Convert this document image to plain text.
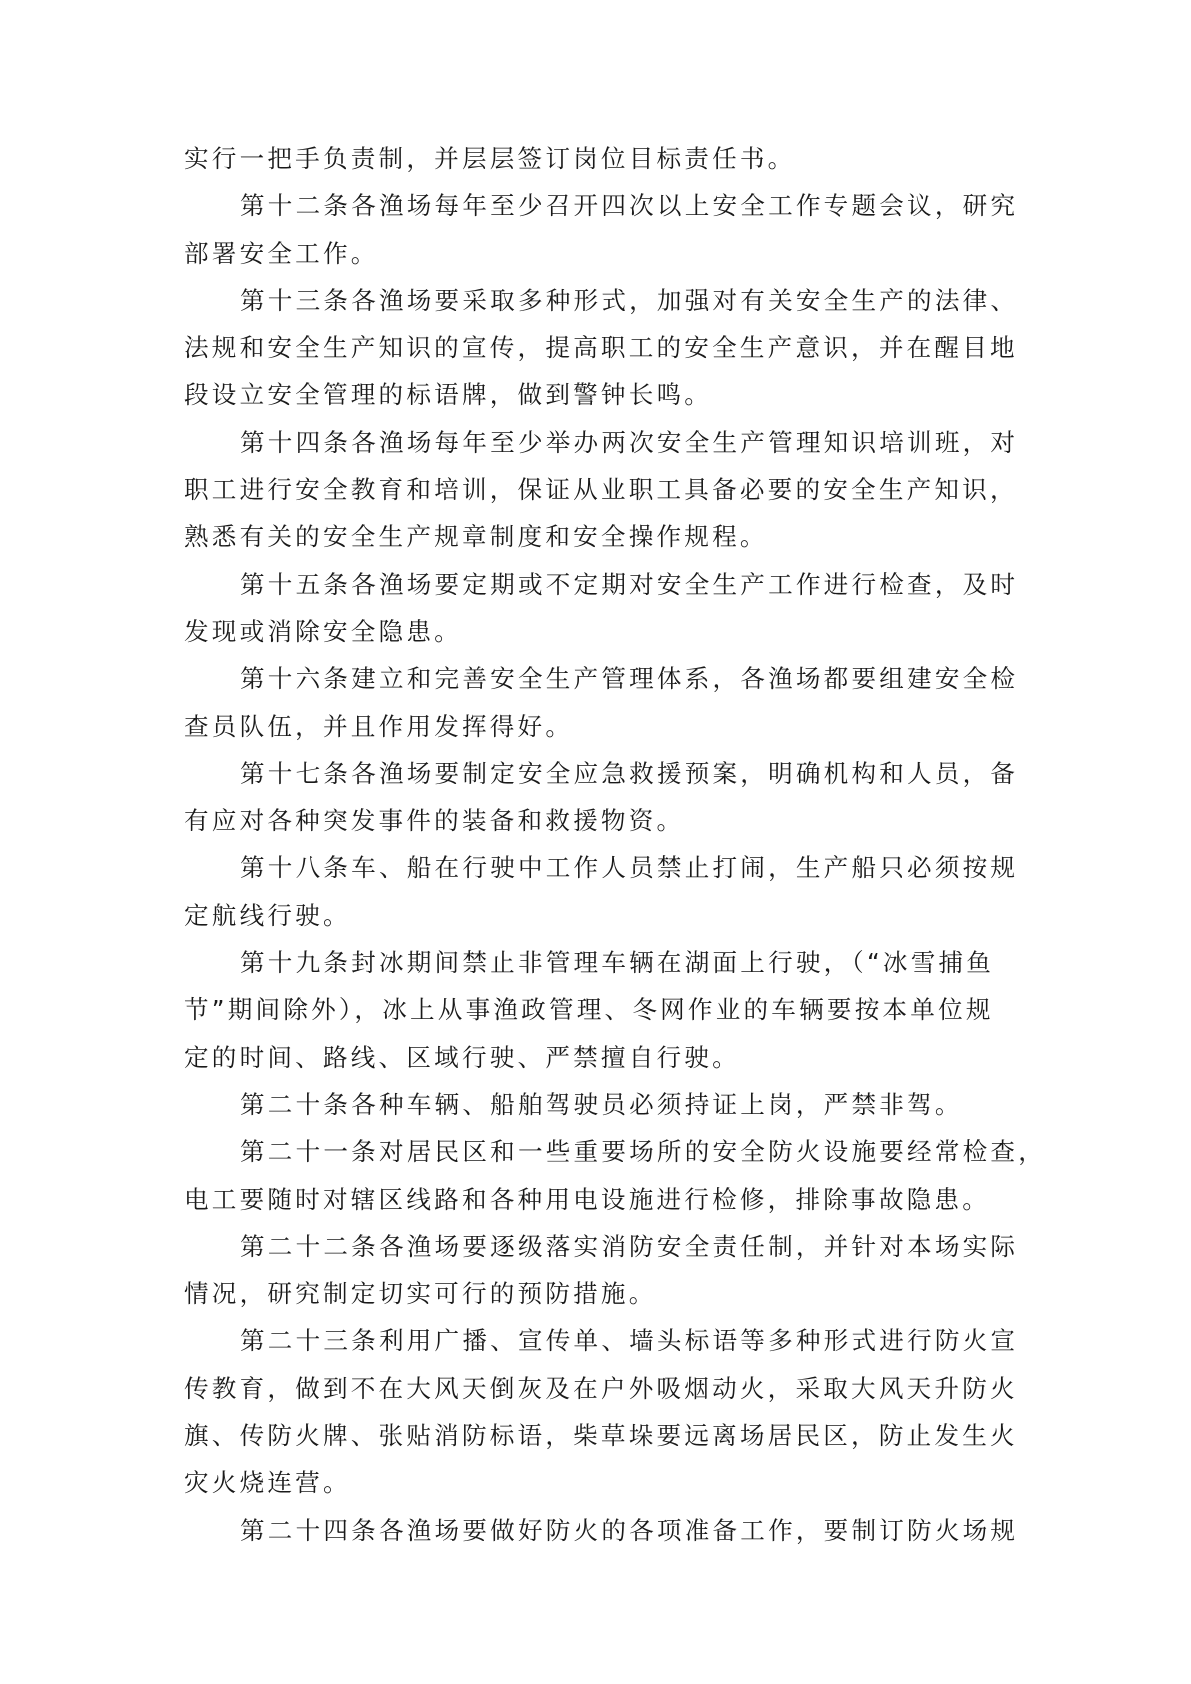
实行一把手负责制，并层层签订岗位目标责任书。
第十二条各渔场每年至少召开四次以上安全工作专题会议，研究
部署安全工作。
第十三条各渔场要采取多种形式，加强对有关安全生产的法律、
法规和安全生产知识的宣传，提高职工的安全生产意识，并在醒目地
段设立安全管理的标语牌，做到警钟长鸣。
第十四条各渔场每年至少举办两次安全生产管理知识培训班，对
职工进行安全教育和培训，保证从业职工具备必要的安全生产知识，
熟悉有关的安全生产规章制度和安全操作规程。
第十五条各渔场要定期或不定期对安全生产工作进行检查，及时
发现或消除安全隐患。
第十六条建立和完善安全生产管理体系，各渔场都要组建安全检
查员队伍，并且作用发挥得好。
第十七条各渔场要制定安全应急救援预案，明确机构和人员，备
有应对各种突发事件的装备和救援物资。
第十八条车、船在行驶中工作人员禁止打闹，生产船只必须按规
定航线行驶。
第十九条封冰期间禁止非管理车辆在湖面上行驶，（“冰雪捕鱼
节”期间除外），冰上从事渔政管理、冬网作业的车辆要按本单位规
定的时间、路线、区域行驶、严禁擅自行驶。
第二十条各种车辆、船舶驾驶员必须持证上岗，严禁非驾。
第二十一条对居民区和一些重要场所的安全防火设施要经常检查，
电工要随时对辖区线路和各种用电设施进行检修，排除事故隐患。
第二十二条各渔场要逐级落实消防安全责任制，并针对本场实际
情况，研究制定切实可行的预防措施。
第二十三条利用广播、宣传单、墙头标语等多种形式进行防火宣
传教育，做到不在大风天倒灰及在户外吸烟动火，采取大风天升防火
旗、传防火牌、张贴消防标语，柴草垛要远离场居民区，防止发生火
灾火烧连营。
第二十四条各渔场要做好防火的各项准备工作，要制订防火场规
